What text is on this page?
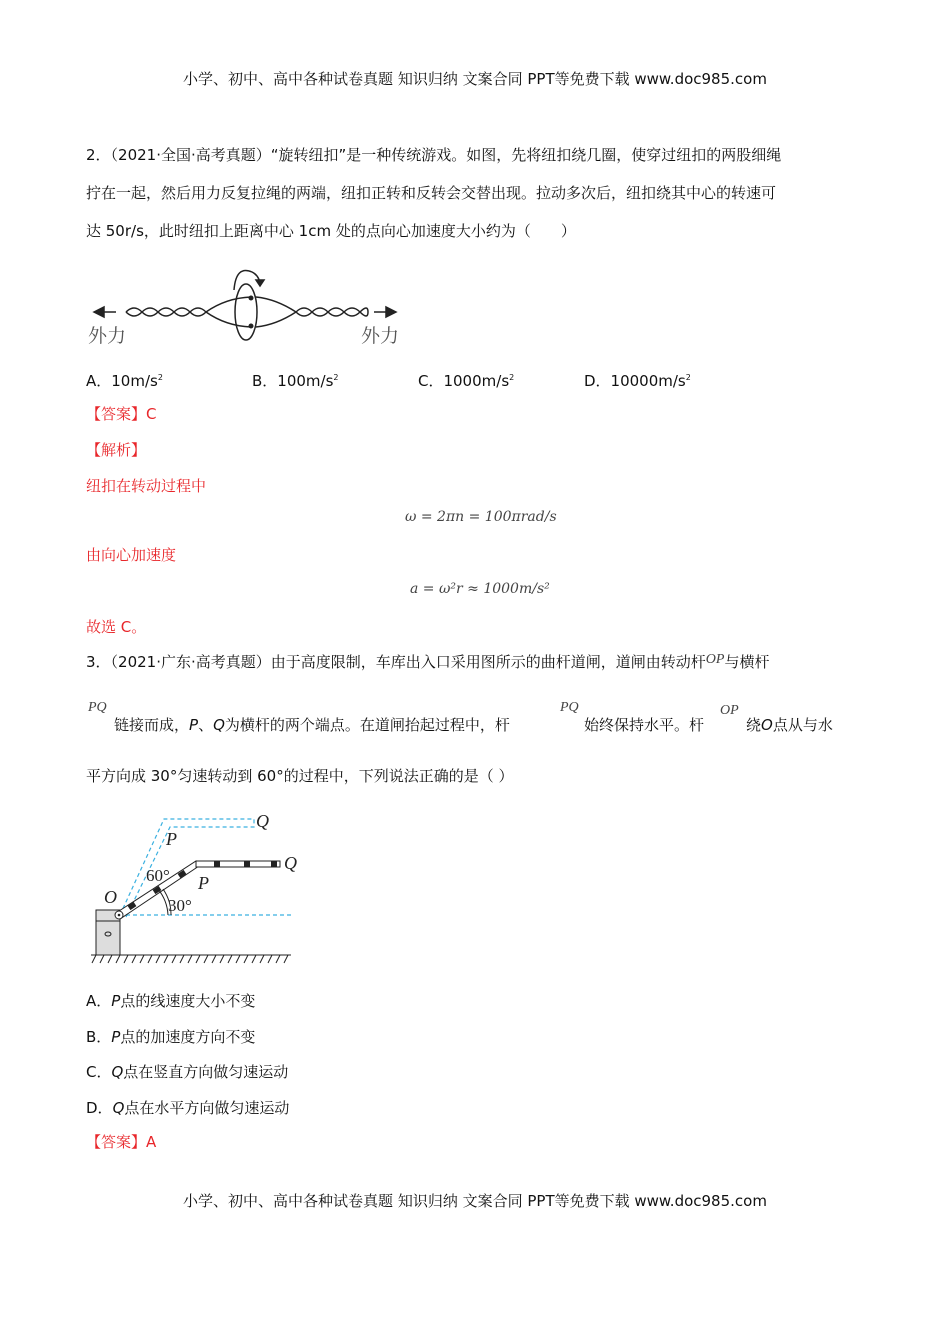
小学、初中、高中各种试卷真题 知识归纳 文案合同 PPT等免费下载 www.doc985.com
2．（2021·全国·高考真题）“旋转纽扣”是一种传统游戏。如图，先将纽扣绕几圈，使穿过纽扣的两股细绳
拧在一起，然后用力反复拉绳的两端，纽扣正转和反转会交替出现。拉动多次后，纽扣绕其中心的转速可
达 50r/s，此时纽扣上距离中心 1cm 处的点向心加速度大小约为（　　）
外力	外力
A．$10m/s^2$	B．$100m/s^2$	C．$1000m/s^2$	D．$10000m/s^2$
【答案】C
【解析】
纽扣在转动过程中
ω = 2πn = 100πrad/s
由向心加速度
a = ω²r ≈ 1000m/s²
故选 C。
3．（2021·广东·高考真题）由于高度限制，车库出入口采用图所示的曲杆道闸，道闸由转动杆OP与横杆
PQ	PQ	OP
链接而成，P、Q为横杆的两个端点。在道闸抬起过程中，杆	始终保持水平。杆	绕O点从与水
平方向成 30°匀速转动到 60°的过程中，下列说法正确的是（ ）
Q
P
Q
P
O
60°
30°
A．P点的线速度大小不变
B．P点的加速度方向不变
C．Q点在竖直方向做匀速运动
D．Q点在水平方向做匀速运动
【答案】A
小学、初中、高中各种试卷真题 知识归纳 文案合同 PPT等免费下载 www.doc985.com
